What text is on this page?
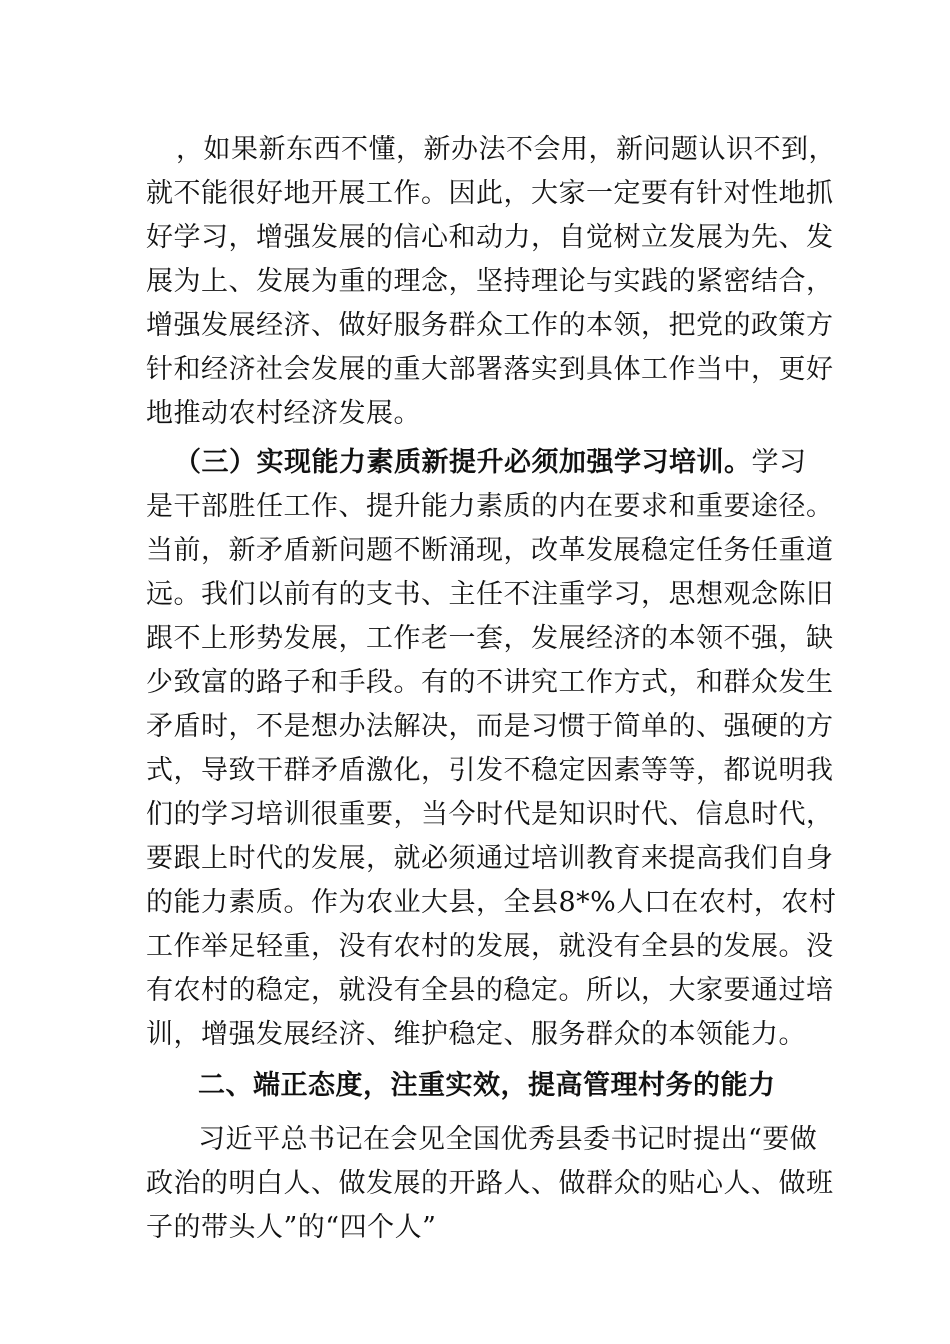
，如果新东西不懂，新办法不会用，新问题认识不到，
就不能很好地开展工作。因此，大家一定要有针对性地抓
好学习，增强发展的信心和动力，自觉树立发展为先、发
展为上、发展为重的理念，坚持理论与实践的紧密结合，
增强发展经济、做好服务群众工作的本领，把党的政策方
针和经济社会发展的重大部署落实到具体工作当中，更好
地推动农村经济发展。
（三）实现能力素质新提升必须加强学习培训。学习
是干部胜任工作、提升能力素质的内在要求和重要途径。
当前，新矛盾新问题不断涌现，改革发展稳定任务任重道
远。我们以前有的支书、主任不注重学习，思想观念陈旧
跟不上形势发展，工作老一套，发展经济的本领不强，缺
少致富的路子和手段。有的不讲究工作方式，和群众发生
矛盾时，不是想办法解决，而是习惯于简单的、强硬的方
式，导致干群矛盾激化，引发不稳定因素等等，都说明我
们的学习培训很重要，当今时代是知识时代、信息时代，
要跟上时代的发展，就必须通过培训教育来提高我们自身
的能力素质。作为农业大县，全县8*%人口在农村，农村
工作举足轻重，没有农村的发展，就没有全县的发展。没
有农村的稳定，就没有全县的稳定。所以，大家要通过培
训，增强发展经济、维护稳定、服务群众的本领能力。
二、端正态度，注重实效，提高管理村务的能力
习近平总书记在会见全国优秀县委书记时提出“要做
政治的明白人、做发展的开路人、做群众的贴心人、做班
子的带头人”的“四个人”
